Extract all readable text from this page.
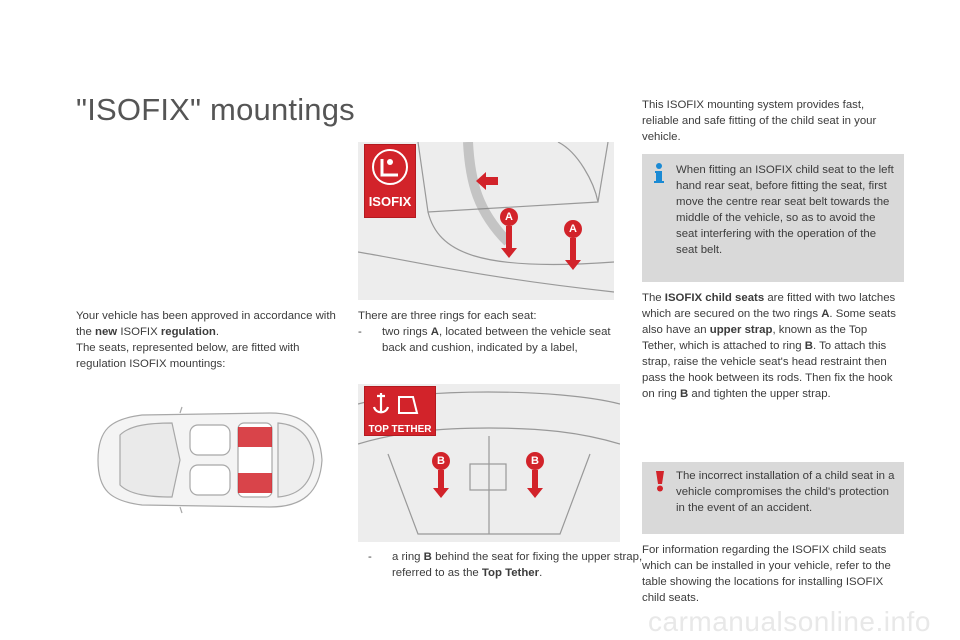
"ISOFIX" mountings
Your vehicle has been approved in accordance with the new ISOFIX regulation.
The seats, represented below, are fitted with regulation ISOFIX mountings:
ISOFIX
A
A
There are three rings for each seat:
- two rings A, located between the vehicle seat back and cushion, indicated by a label,
TOP TETHER
B	B
- a ring B behind the seat for fixing the upper strap, referred to as the Top Tether.
This ISOFIX mounting system provides fast, reliable and safe fitting of the child seat in your vehicle.
When fitting an ISOFIX child seat to the left hand rear seat, before fitting the seat, first move the centre rear seat belt towards the middle of the vehicle, so as to avoid the seat interfering with the operation of the seat belt.
The ISOFIX child seats are fitted with two latches which are secured on the two rings A. Some seats also have an upper strap, known as the Top Tether, which is attached to ring B. To attach this strap, raise the vehicle seat's head restraint then pass the hook between its rods. Then fix the hook on ring B and tighten the upper strap.
The incorrect installation of a child seat in a vehicle compromises the child's protection in the event of an accident.
For information regarding the ISOFIX child seats which can be installed in your vehicle, refer to the table showing the locations for installing ISOFIX child seats.
carmanualsonline.info
